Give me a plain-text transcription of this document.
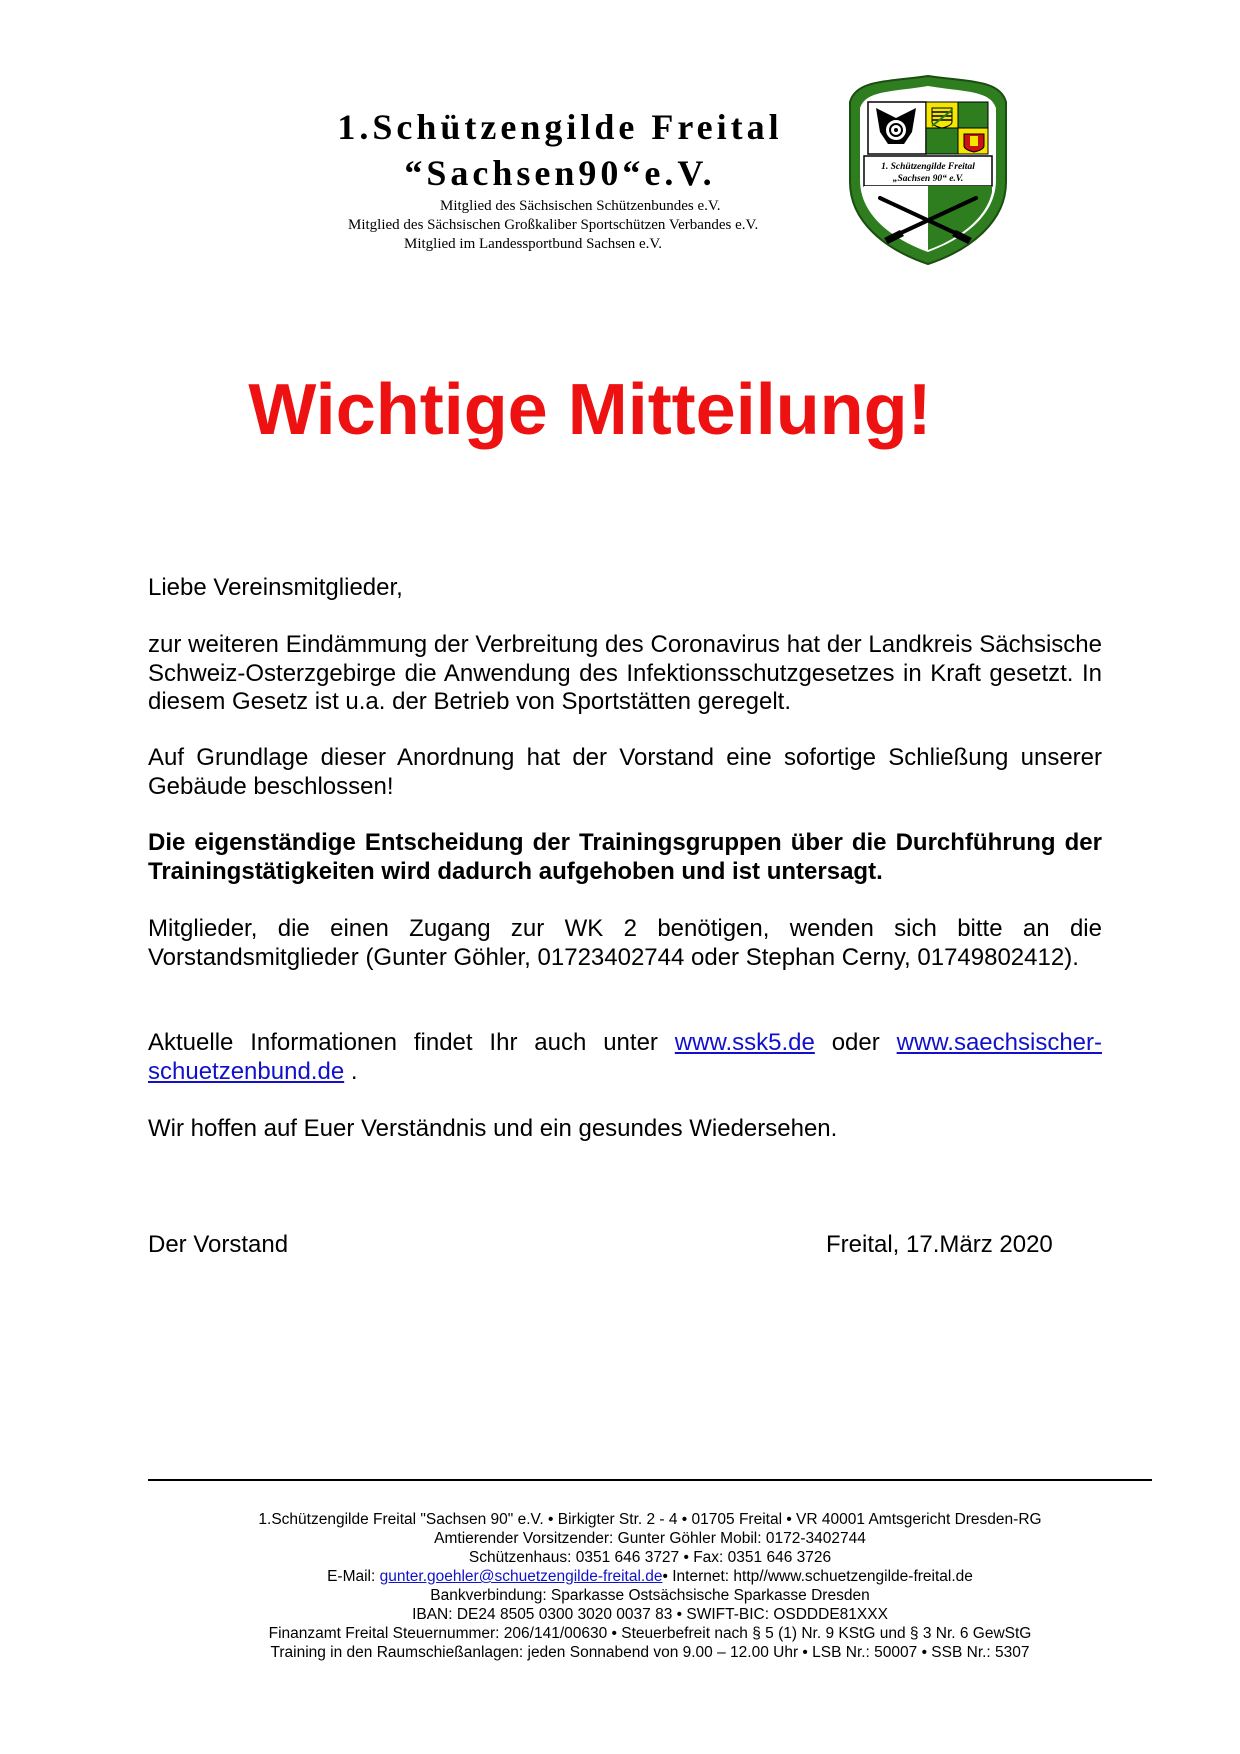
1.Schützengilde Freital
“Sachsen90“e.V.
Mitglied des Sächsischen Schützenbundes e.V.
Mitglied des Sächsischen Großkaliber Sportschützen Verbandes e.V.
Mitglied im Landessportbund Sachsen e.V.
1. Schützengilde Freital
„Sachsen 90“ e.V.
Wichtige Mitteilung!
Liebe Vereinsmitglieder,
zur weiteren Eindämmung der Verbreitung des Coronavirus hat der Landkreis Sächsische Schweiz-Osterzgebirge die Anwendung des Infektionsschutzgesetzes in Kraft gesetzt. In diesem Gesetz ist u.a. der Betrieb von Sportstätten geregelt.
Auf Grundlage dieser Anordnung hat der Vorstand eine sofortige Schließung unserer Gebäude beschlossen!
Die eigenständige Entscheidung der Trainingsgruppen über die Durchführung der Trainingstätigkeiten wird dadurch aufgehoben und ist untersagt.
Mitglieder, die einen Zugang zur WK 2 benötigen, wenden sich bitte an die Vorstandsmitglieder (Gunter Göhler, 01723402744 oder Stephan Cerny, 01749802412).
Aktuelle Informationen findet Ihr auch unter www.ssk5.de oder www.saechsischer-schuetzenbund.de .
Wir hoffen auf Euer Verständnis und ein gesundes Wiedersehen.
Der Vorstand	Freital, 17.März 2020
1.Schützengilde Freital "Sachsen 90" e.V. • Birkigter Str. 2 - 4 • 01705 Freital • VR 40001 Amtsgericht Dresden-RG
Amtierender Vorsitzender: Gunter Göhler Mobil: 0172-3402744
Schützenhaus: 0351 646 3727 • Fax: 0351 646 3726
E-Mail: gunter.goehler@schuetzengilde-freital.de• Internet: http//www.schuetzengilde-freital.de
Bankverbindung: Sparkasse Ostsächsische Sparkasse Dresden
IBAN: DE24 8505 0300 3020 0037 83 • SWIFT-BIC: OSDDDE81XXX
Finanzamt Freital Steuernummer: 206/141/00630 • Steuerbefreit nach § 5 (1) Nr. 9 KStG und § 3 Nr. 6 GewStG
Training in den Raumschießanlagen: jeden Sonnabend von 9.00 – 12.00 Uhr • LSB Nr.: 50007 • SSB Nr.: 5307
